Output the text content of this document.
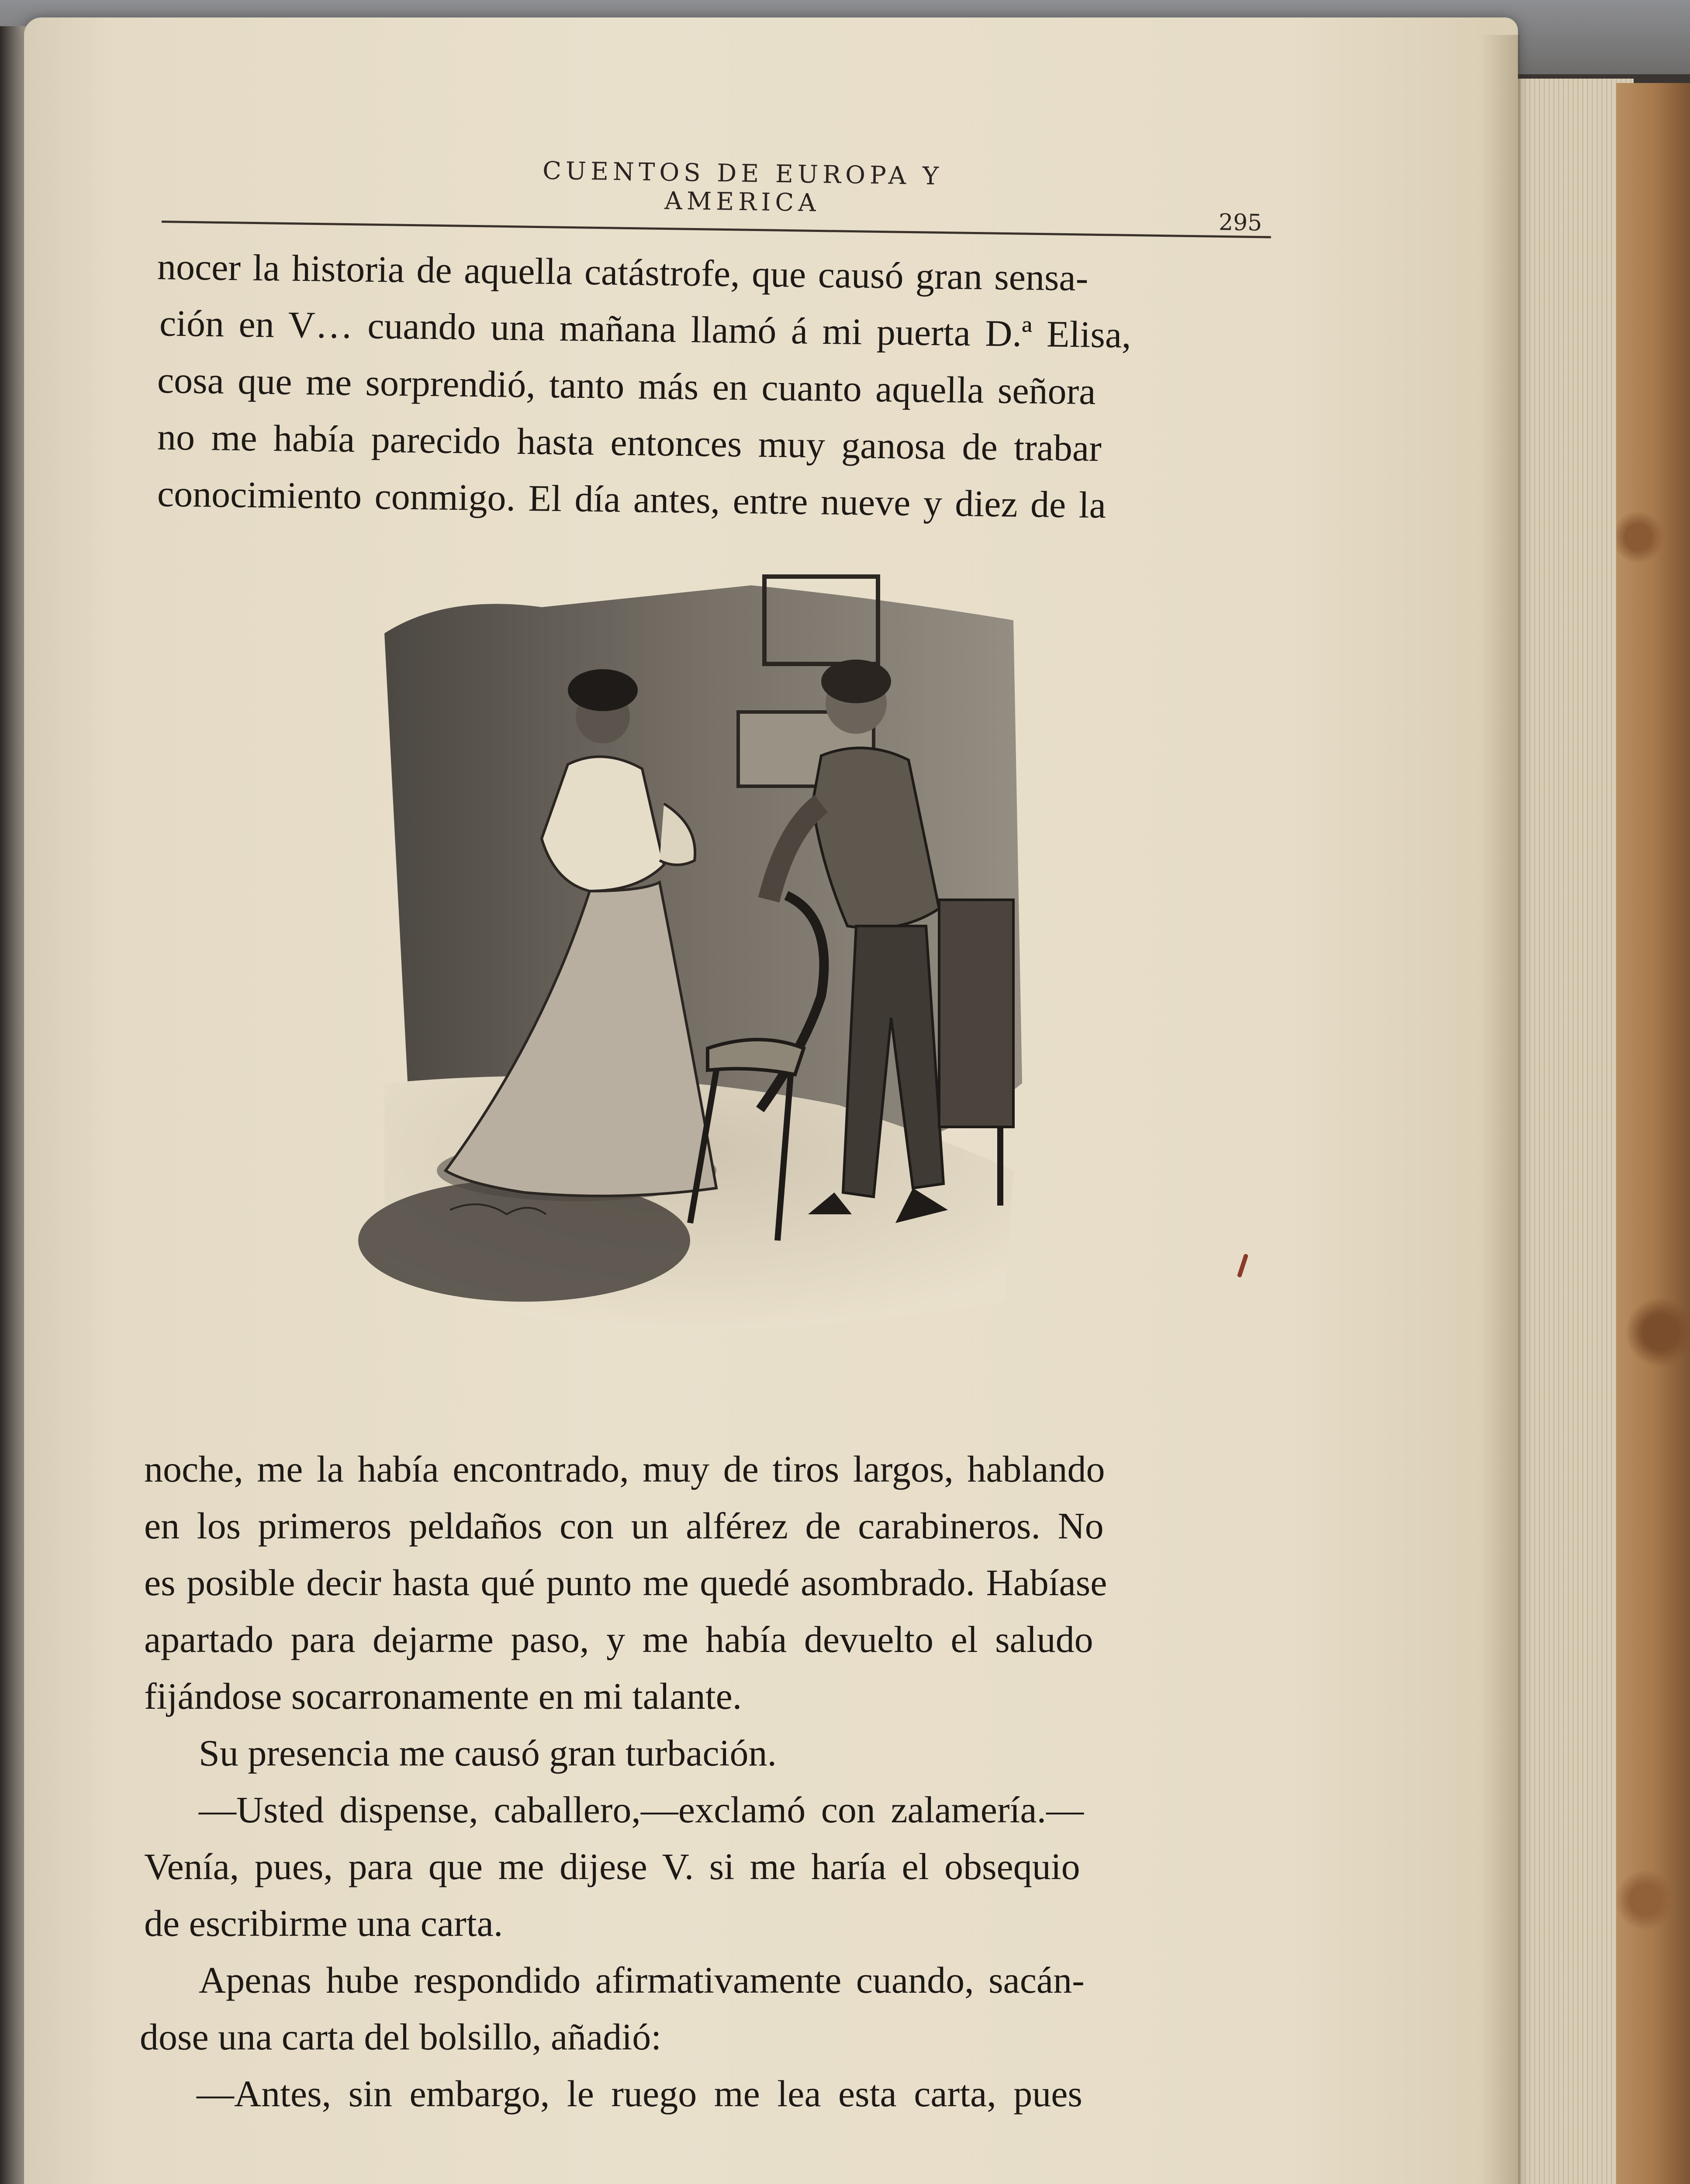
CUENTOS DE EUROPA Y AMERICA
295
nocer la historia de aquella catástrofe, que causó gran sensa-
ción en V… cuando una mañana llamó á mi puerta D.ª Elisa,
cosa que me sorprendió, tanto más en cuanto aquella señora
no me había parecido hasta entonces muy ganosa de trabar
conocimiento conmigo. El día antes, entre nueve y diez de la
noche, me la había encontrado, muy de tiros largos, hablando
en los primeros peldaños con un alférez de carabineros. No
es posible decir hasta qué punto me quedé asombrado. Habíase
apartado para dejarme paso, y me había devuelto el saludo
fijándose socarronamente en mi talante.
Su presencia me causó gran turbación.
—Usted dispense, caballero,—exclamó con zalamería.—
Venía, pues, para que me dijese V. si me haría el obsequio
de escribirme una carta.
Apenas hube respondido afirmativamente cuando, sacán-
dose una carta del bolsillo, añadió:
—Antes, sin embargo, le ruego me lea esta carta, pues
